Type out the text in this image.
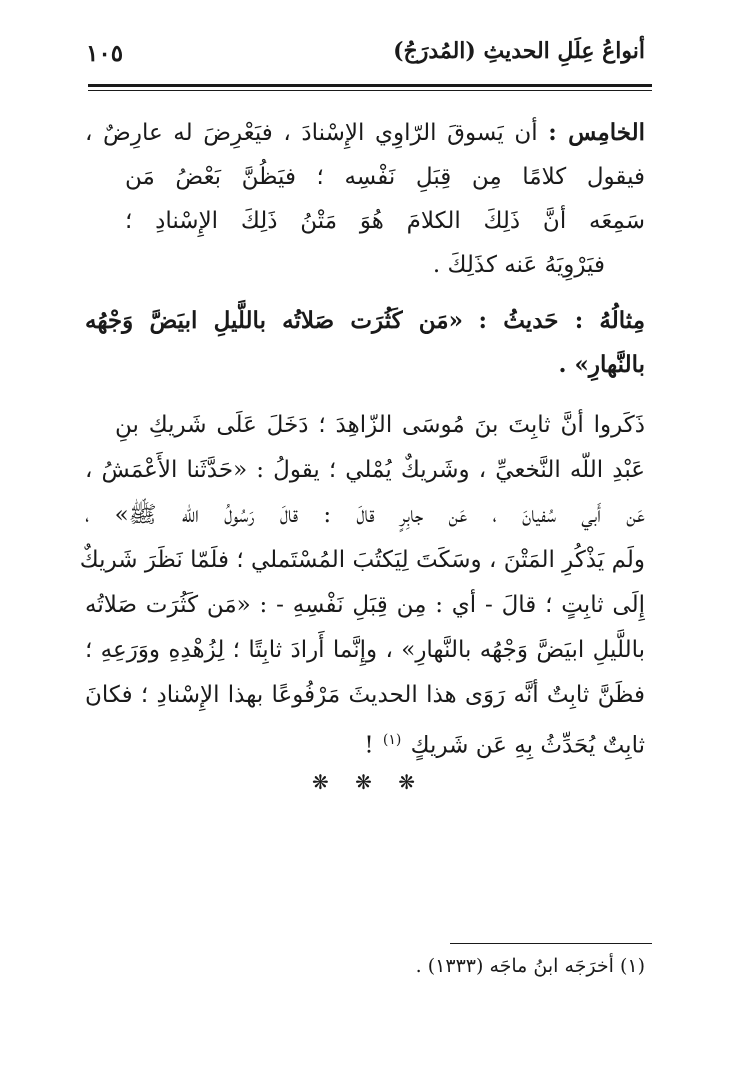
أنواعُ عِلَلِ الحديثِ (المُدرَجُ)
١٠٥
الخامِس : أن يَسوقَ الرّاوِي الإِسْنادَ ، فيَعْرِضَ له عارِضٌ ،
فيقول كلامًا مِن قِبَلِ نَفْسِه ؛ فيَظُنَّ بَعْضُ مَن
سَمِعَه أنَّ ذَلِكَ الكلامَ هُوَ مَتْنُ ذَلِكَ الإِسْنادِ ؛
فيَرْوِيَهُ عَنه كذَلِكَ .
مِثالُهُ : حَديثُ : «مَن كَثُرَت صَلاتُه باللَّيلِ ابيَضَّ وَجْهُه
بالنَّهارِ» .
ذَكَروا أنَّ ثابِتَ بنَ مُوسَى الزّاهِدَ ؛ دَخَلَ عَلَى شَريكِ بنِ
عَبْدِ اللّه النَّخعيِّ ، وشَريكٌ يُمْلي ؛ يقولُ : «حَدَّثَنا الأَعْمَشُ ،
عَن أَبي سُفيانَ ، عَن جابِرٍ قالَ : قالَ رَسُولُ اللّه ﷺ» ،
ولَم يَذْكُرِ المَتْنَ ، وسَكَتَ لِيَكتُبَ المُسْتَملي ؛ فلَمّا نَظَرَ شَريكٌ
إِلَى ثابِتٍ ؛ قالَ - أي : مِن قِبَلِ نَفْسِهِ - : «مَن كَثُرَت صَلاتُه
باللَّيلِ ابيَضَّ وَجْهُه بالنَّهارِ» ، وإِنَّما أَرادَ ثابِتًا ؛ لِزُهْدِهِ ووَرَعِهِ ؛
فظَنَّ ثابِتٌ أنَّه رَوَى هذا الحديثَ مَرْفُوعًا بهذا الإِسْنادِ ؛ فكانَ
ثابِتٌ يُحَدِّثُ بِهِ عَن شَريكٍ $^{(١)}$ !
❋ ❋ ❋
(١) أخرَجَه ابنُ ماجَه (١٣٣٣) .
